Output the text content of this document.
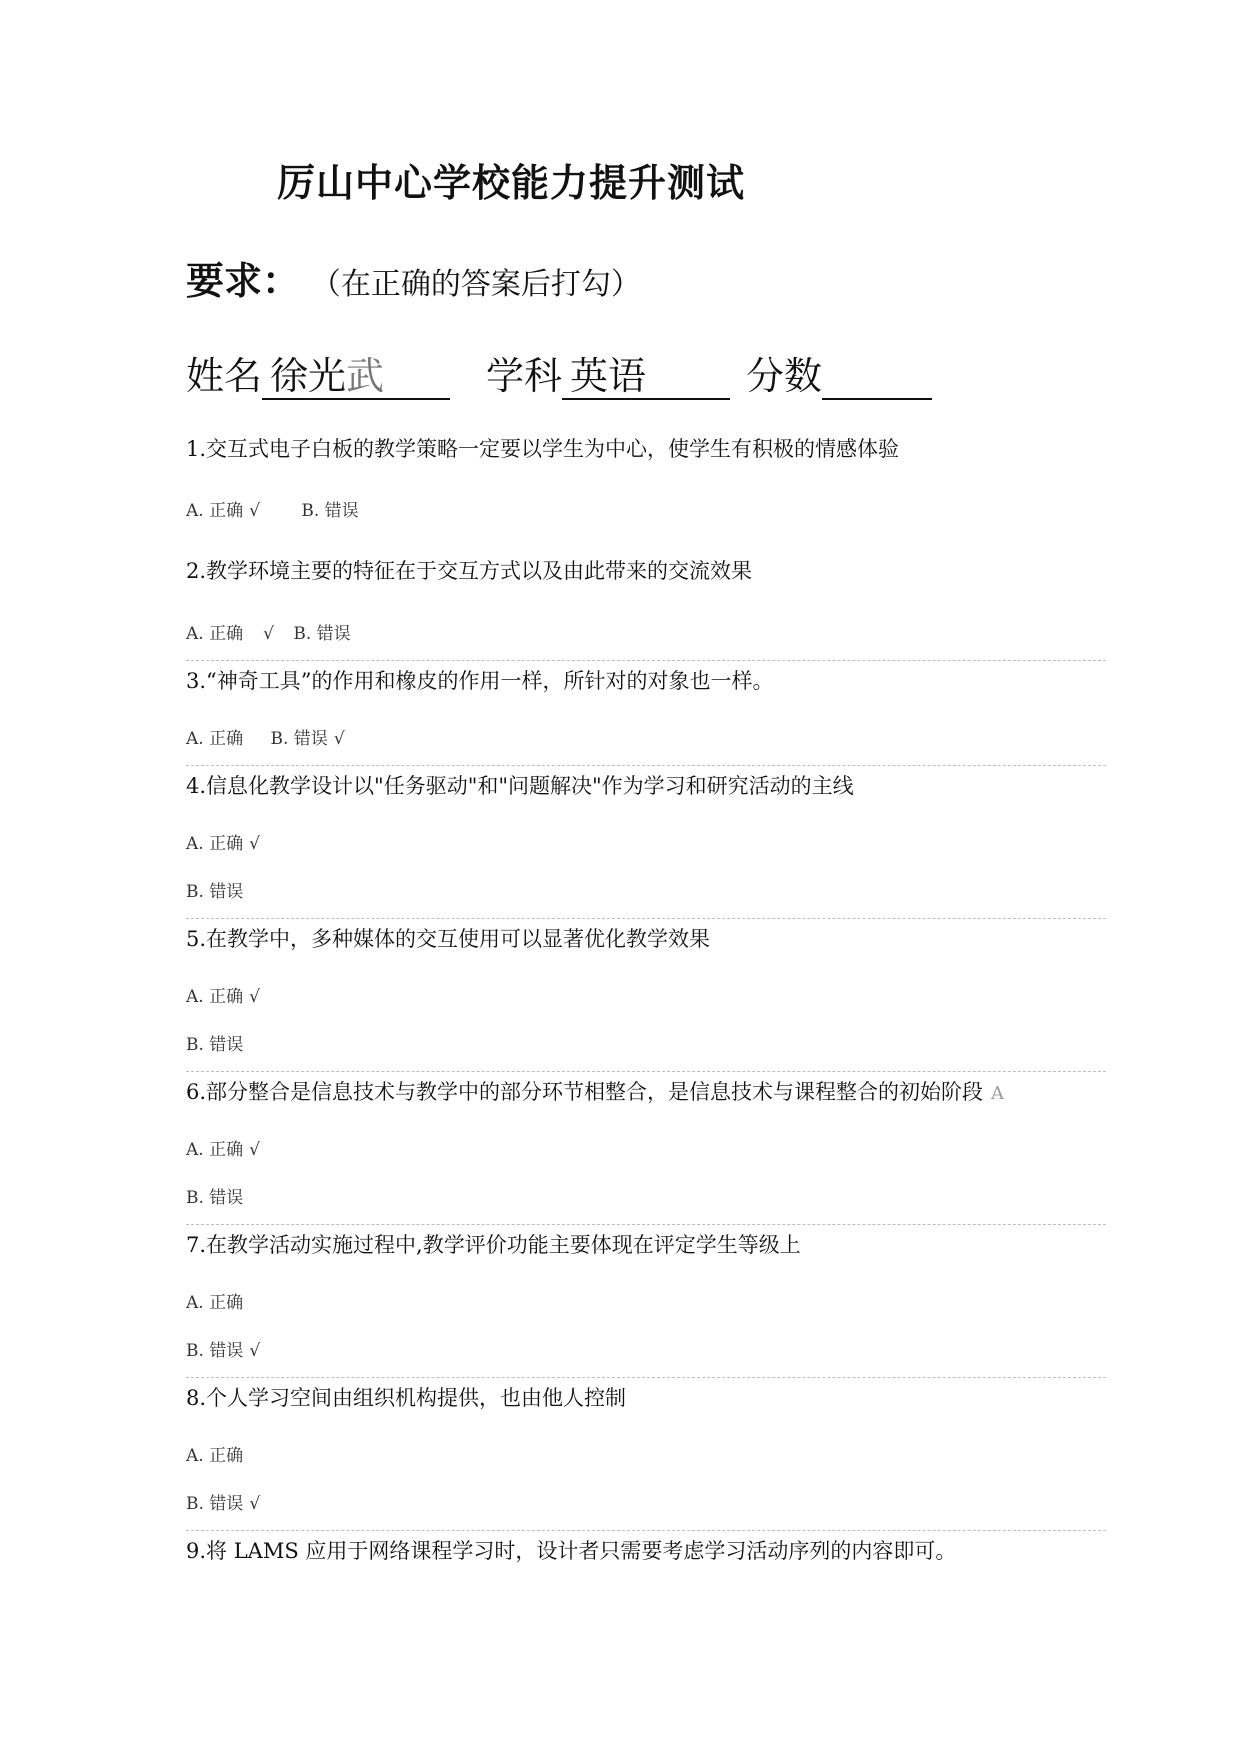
厉山中心学校能力提升测试
要求： （在正确的答案后打勾）
姓名 徐光武	学科 英语	分数
1.交互式电子白板的教学策略一定要以学生为中心，使学生有积极的情感体验
A. 正确 √ B. 错误
2.教学环境主要的特征在于交互方式以及由此带来的交流效果
A. 正确 √ B. 错误
3.“神奇工具”的作用和橡皮的作用一样，所针对的对象也一样。
A. 正确 B. 错误 √
4.信息化教学设计以"任务驱动"和"问题解决"作为学习和研究活动的主线
A. 正确 √
B. 错误
5.在教学中，多种媒体的交互使用可以显著优化教学效果
A. 正确 √
B. 错误
6.部分整合是信息技术与教学中的部分环节相整合，是信息技术与课程整合的初始阶段 A
A. 正确 √
B. 错误
7.在教学活动实施过程中,教学评价功能主要体现在评定学生等级上
A. 正确
B. 错误 √
8.个人学习空间由组织机构提供，也由他人控制
A. 正确
B. 错误 √
9.将 LAMS 应用于网络课程学习时，设计者只需要考虑学习活动序列的内容即可。
